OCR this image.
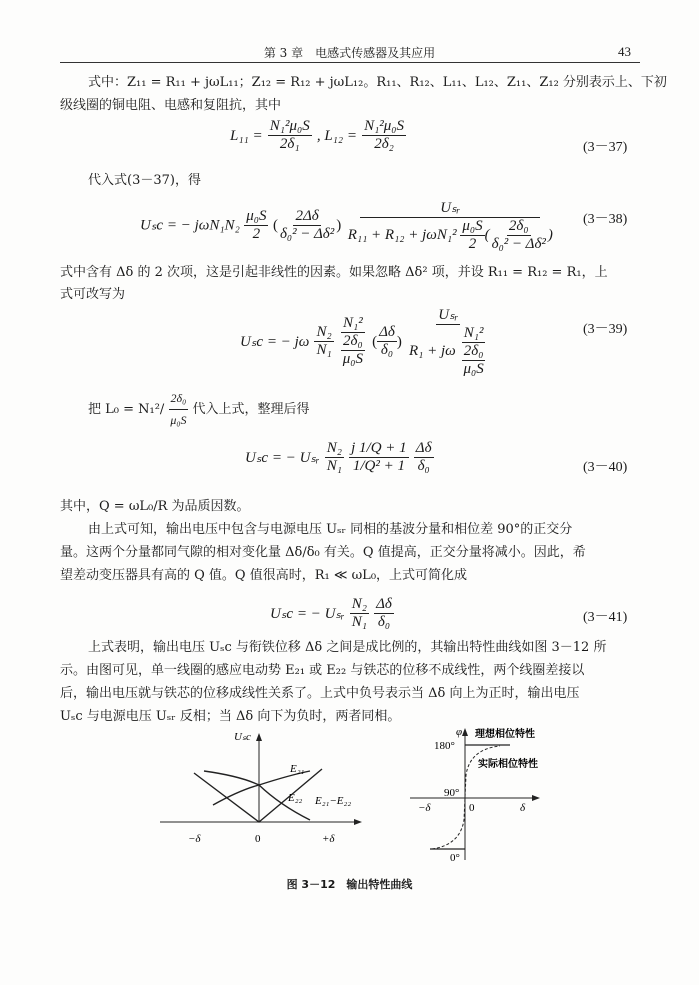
第 3 章　电感式传感器及其应用	43
式中：Z₁₁ = R₁₁ + jωL₁₁；Z₁₂ = R₁₂ + jωL₁₂。R₁₁、R₁₂、L₁₁、L₁₂、Z₁₁、Z₁₂ 分别表示上、下初
级线圈的铜电阻、电感和复阻抗，其中
$L_{11} = \frac{\text{N₁²μ₀S}}{\text{2δ₁}}$ , $L_{12} = \frac{\text{N₁²μ₀S}}{\text{2δ₂}}$	(3－37)
代入式(3－37)，得
Uₛc = − $j\omega N_1N_2 \frac{\text{μ₀S}}{2}$ ( $\frac{2\Delta\delta}{\text{δ₀² − Δδ²}}$ ) $\frac{\text{Uₛᵣ}}{R_{11} + R_{12} + j\omega N_1^2 \frac{\text{μ₀S}}{2} ( \frac{\text{2δ₀}}{\text{δ₀² − Δδ²}} )} (3-38)$
式中含有 Δδ 的 2 次项，这是引起非线性的因素。如果忽略 Δδ² 项，并设 R₁₁ = R₁₂ = R₁，上
式可改写为
Uₛc = − jω $\frac{\text{N₂}}{\text{N₁}}$
$\frac{\text{N₁²}}{\frac{\text{2δ₀}}{\text{μ₀S}}}$ ( $\frac{\Delta\delta}{\text{δ₀}}$ ) $\frac{\text{Uₛᵣ}}{R_1 + j\omega \frac{\text{N₁²}}{\frac{\text{2δ₀}}{\text{μ₀S}}}}$	(3－39)
把 $L_0 = N_1^2/ \frac{\text{2δ₀}}{\text{μ₀S}}$ 代入上式，整理后得
Uₛc = − Uₛᵣ $\frac{\text{N₂}}{\text{N₁}}$
$\frac{j 1/Q + 1}{\text{1/Q² + 1}}$
$\frac{\Delta\delta}{\text{δ₀}}$	(3－40)
其中，Q = ωL₀/R 为品质因数。
由上式可知，输出电压中包含与电源电压 Uₛᵣ 同相的基波分量和相位差 90°的正交分
量。这两个分量都同气隙的相对变化量 Δδ/δ₀ 有关。Q 值提高，正交分量将减小。因此，希
望差动变压器具有高的 Q 值。Q 值很高时，R₁ ≪ ωL₀，上式可简化成
Uₛc = − Uₛᵣ $\frac{\text{N₂}}{\text{N₁}}$
$\frac{\Delta\delta}{\text{δ₀}}$	(3－41)
上式表明，输出电压 Uₛc 与衔铁位移 Δδ 之间是成比例的，其输出特性曲线如图 3－12 所
示。由图可见，单一线圈的感应电动势 E₂₁ 或 E₂₂ 与铁芯的位移不成线性，两个线圈差接以
后，输出电压就与铁芯的位移成线性关系了。上式中负号表示当 Δδ 向上为正时，输出电压
Uₛc 与电源电压 Uₛᵣ 反相；当 Δδ 向下为负时，两者同相。
Uₛc
−δ	0	+δ
E₂₁
E₂₂ E₂₁−E₂₂
φ
180°
90°
0°
−δ	0	δ
理想相位特性
实际相位特性
图 3－12　输出特性曲线
